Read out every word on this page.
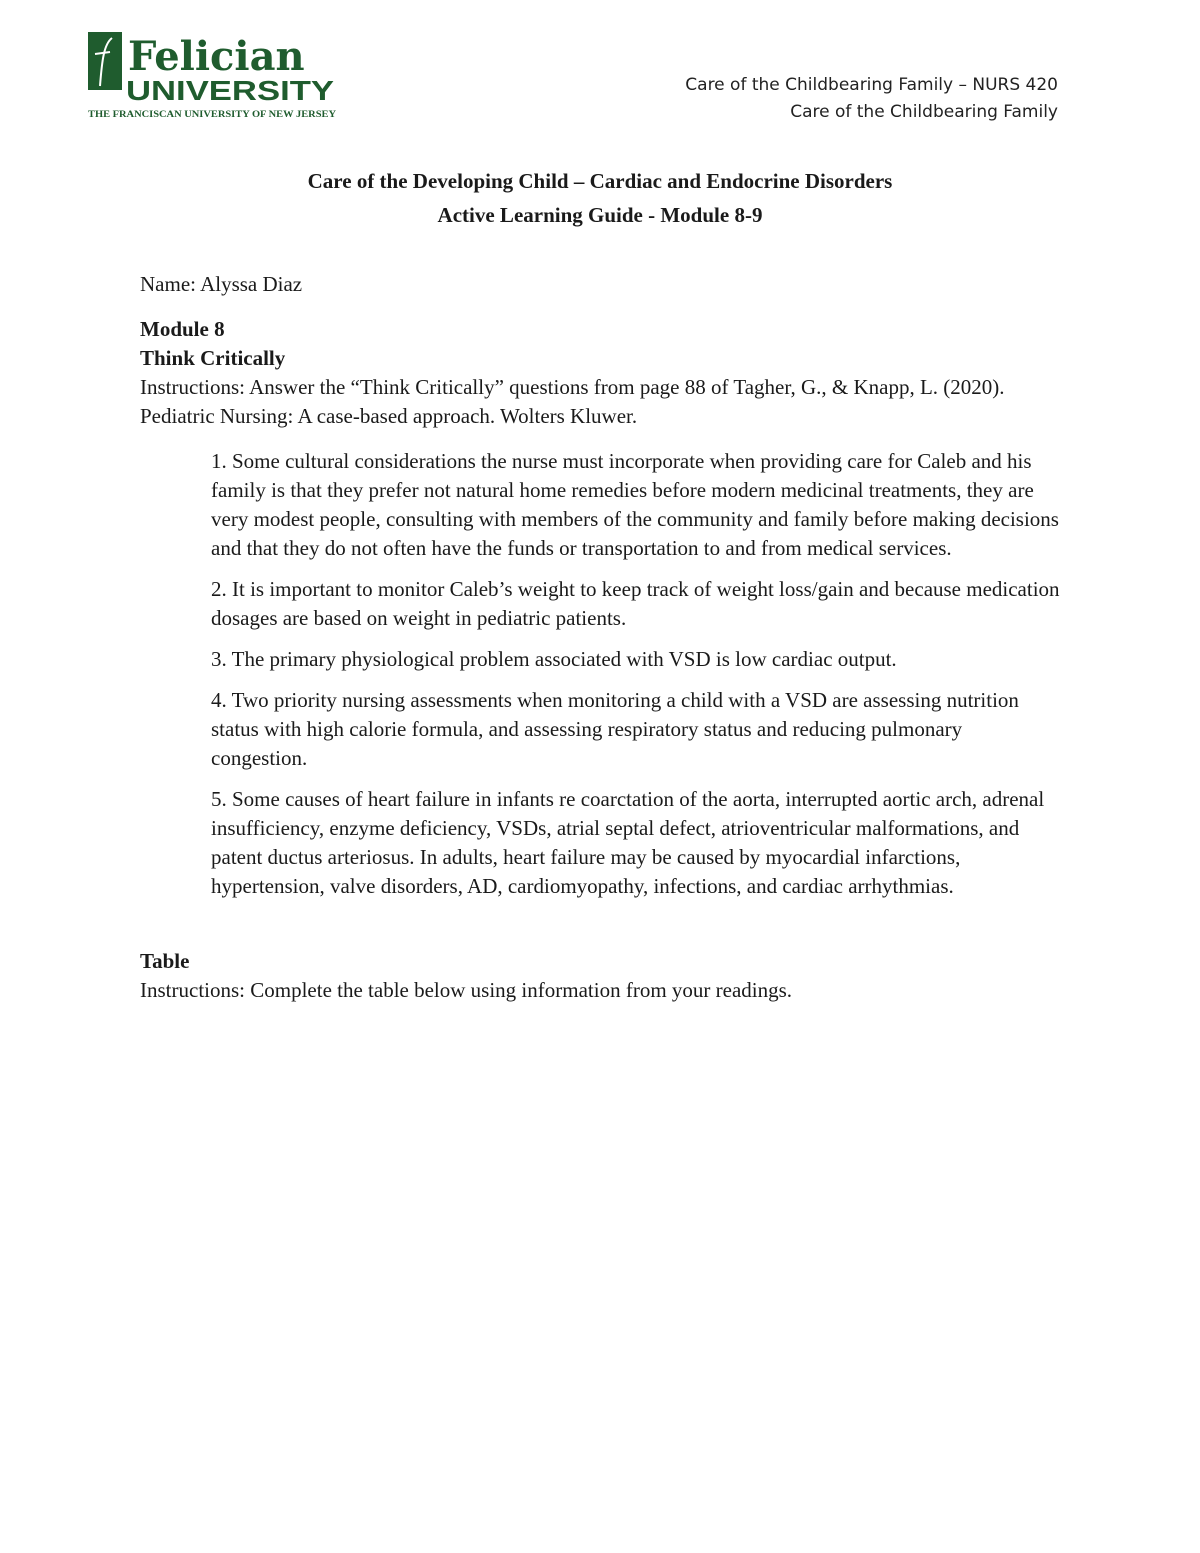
Felician
UNIVERSITY
THE FRANCISCAN UNIVERSITY OF NEW JERSEY
Care of the Childbearing Family – NURS 420
Care of the Childbearing Family
Care of the Developing Child – Cardiac and Endocrine Disorders
Active Learning Guide - Module 8-9

Name: Alyssa Diaz

Module 8

Think Critically

Instructions: Answer the “Think Critically” questions from page 88 of Tagher, G., & Knapp, L. (2020). Pediatric Nursing: A case-based approach. Wolters Kluwer.

1. Some cultural considerations the nurse must incorporate when providing care for Caleb and his family is that they prefer not natural home remedies before modern medicinal treatments, they are very modest people, consulting with members of the community and family before making decisions and that they do not often have the funds or transportation to and from medical services.
2. It is important to monitor Caleb’s weight to keep track of weight loss/gain and because medication dosages are based on weight in pediatric patients.
3. The primary physiological problem associated with VSD is low cardiac output.
4. Two priority nursing assessments when monitoring a child with a VSD are assessing nutrition status with high calorie formula, and assessing respiratory status and reducing pulmonary congestion.
5. Some causes of heart failure in infants re coarctation of the aorta, interrupted aortic arch, adrenal insufficiency, enzyme deficiency, VSDs, atrial septal defect, atrioventricular malformations, and patent ductus arteriosus. In adults, heart failure may be caused by myocardial infarctions, hypertension, valve disorders, AD, cardiomyopathy, infections, and cardiac arrhythmias.

Table

Instructions: Complete the table below using information from your readings.
